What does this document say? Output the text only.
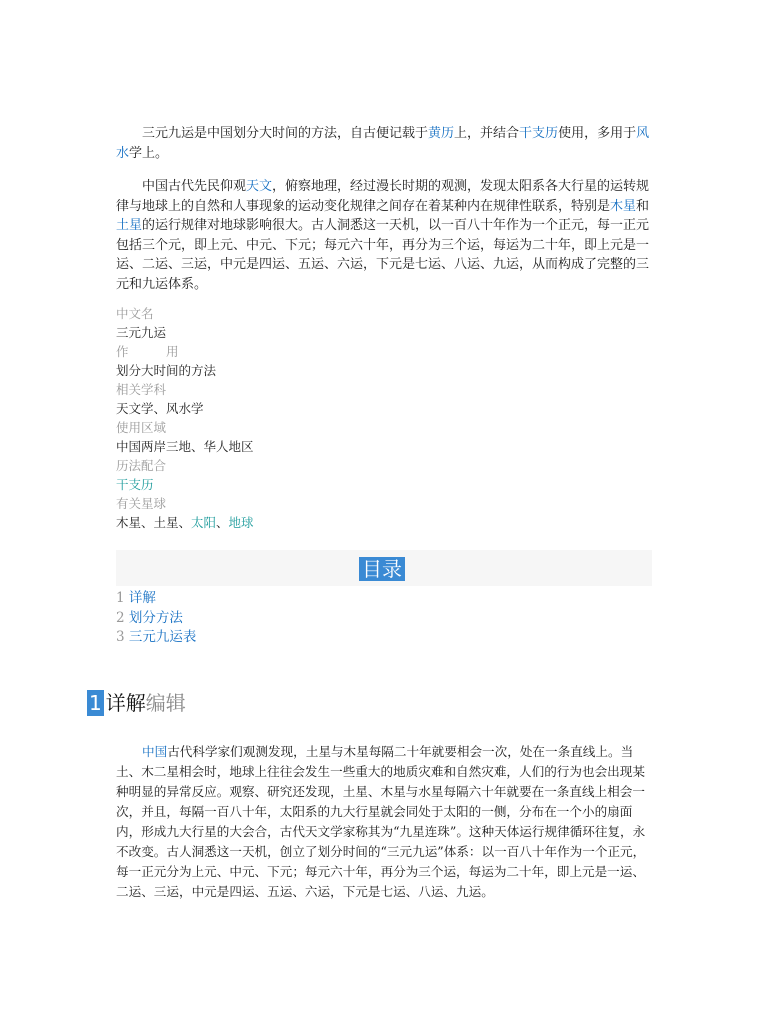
三元九运是中国划分大时间的方法，自古便记载于黄历上，并结合干支历使用，多用于风水学上。

中国古代先民仰观天文，俯察地理，经过漫长时期的观测，发现太阳系各大行星的运转规律与地球上的自然和人事现象的运动变化规律之间存在着某种内在规律性联系，特别是木星和土星的运行规律对地球影响很大。古人洞悉这一天机，以一百八十年作为一个正元，每一正元包括三个元，即上元、中元、下元；每元六十年，再分为三个运，每运为二十年，即上元是一运、二运、三运，中元是四运、五运、六运，下元是七运、八运、九运，从而构成了完整的三元和九运体系。

中文名
三元九运
作　　　用
划分大时间的方法
相关学科
天文学、风水学
使用区域
中国两岸三地、华人地区
历法配合
干支历
有关星球
木星、土星、太阳、地球
目录
1 详解
2 划分方法
3 三元九运表
1 详解编辑

中国古代科学家们观测发现，土星与木星每隔二十年就要相会一次，处在一条直线上。当土、木二星相会时，地球上往往会发生一些重大的地质灾难和自然灾难，人们的行为也会出现某种明显的异常反应。观察、研究还发现，土星、木星与水星每隔六十年就要在一条直线上相会一次，并且，每隔一百八十年，太阳系的九大行星就会同处于太阳的一侧，分布在一个小的扇面内，形成九大行星的大会合，古代天文学家称其为“九星连珠”。这种天体运行规律循环往复，永不改变。古人洞悉这一天机，创立了划分时间的“三元九运”体系：以一百八十年作为一个正元，每一正元分为上元、中元、下元；每元六十年，再分为三个运，每运为二十年，即上元是一运、二运、三运，中元是四运、五运、六运，下元是七运、八运、九运。
